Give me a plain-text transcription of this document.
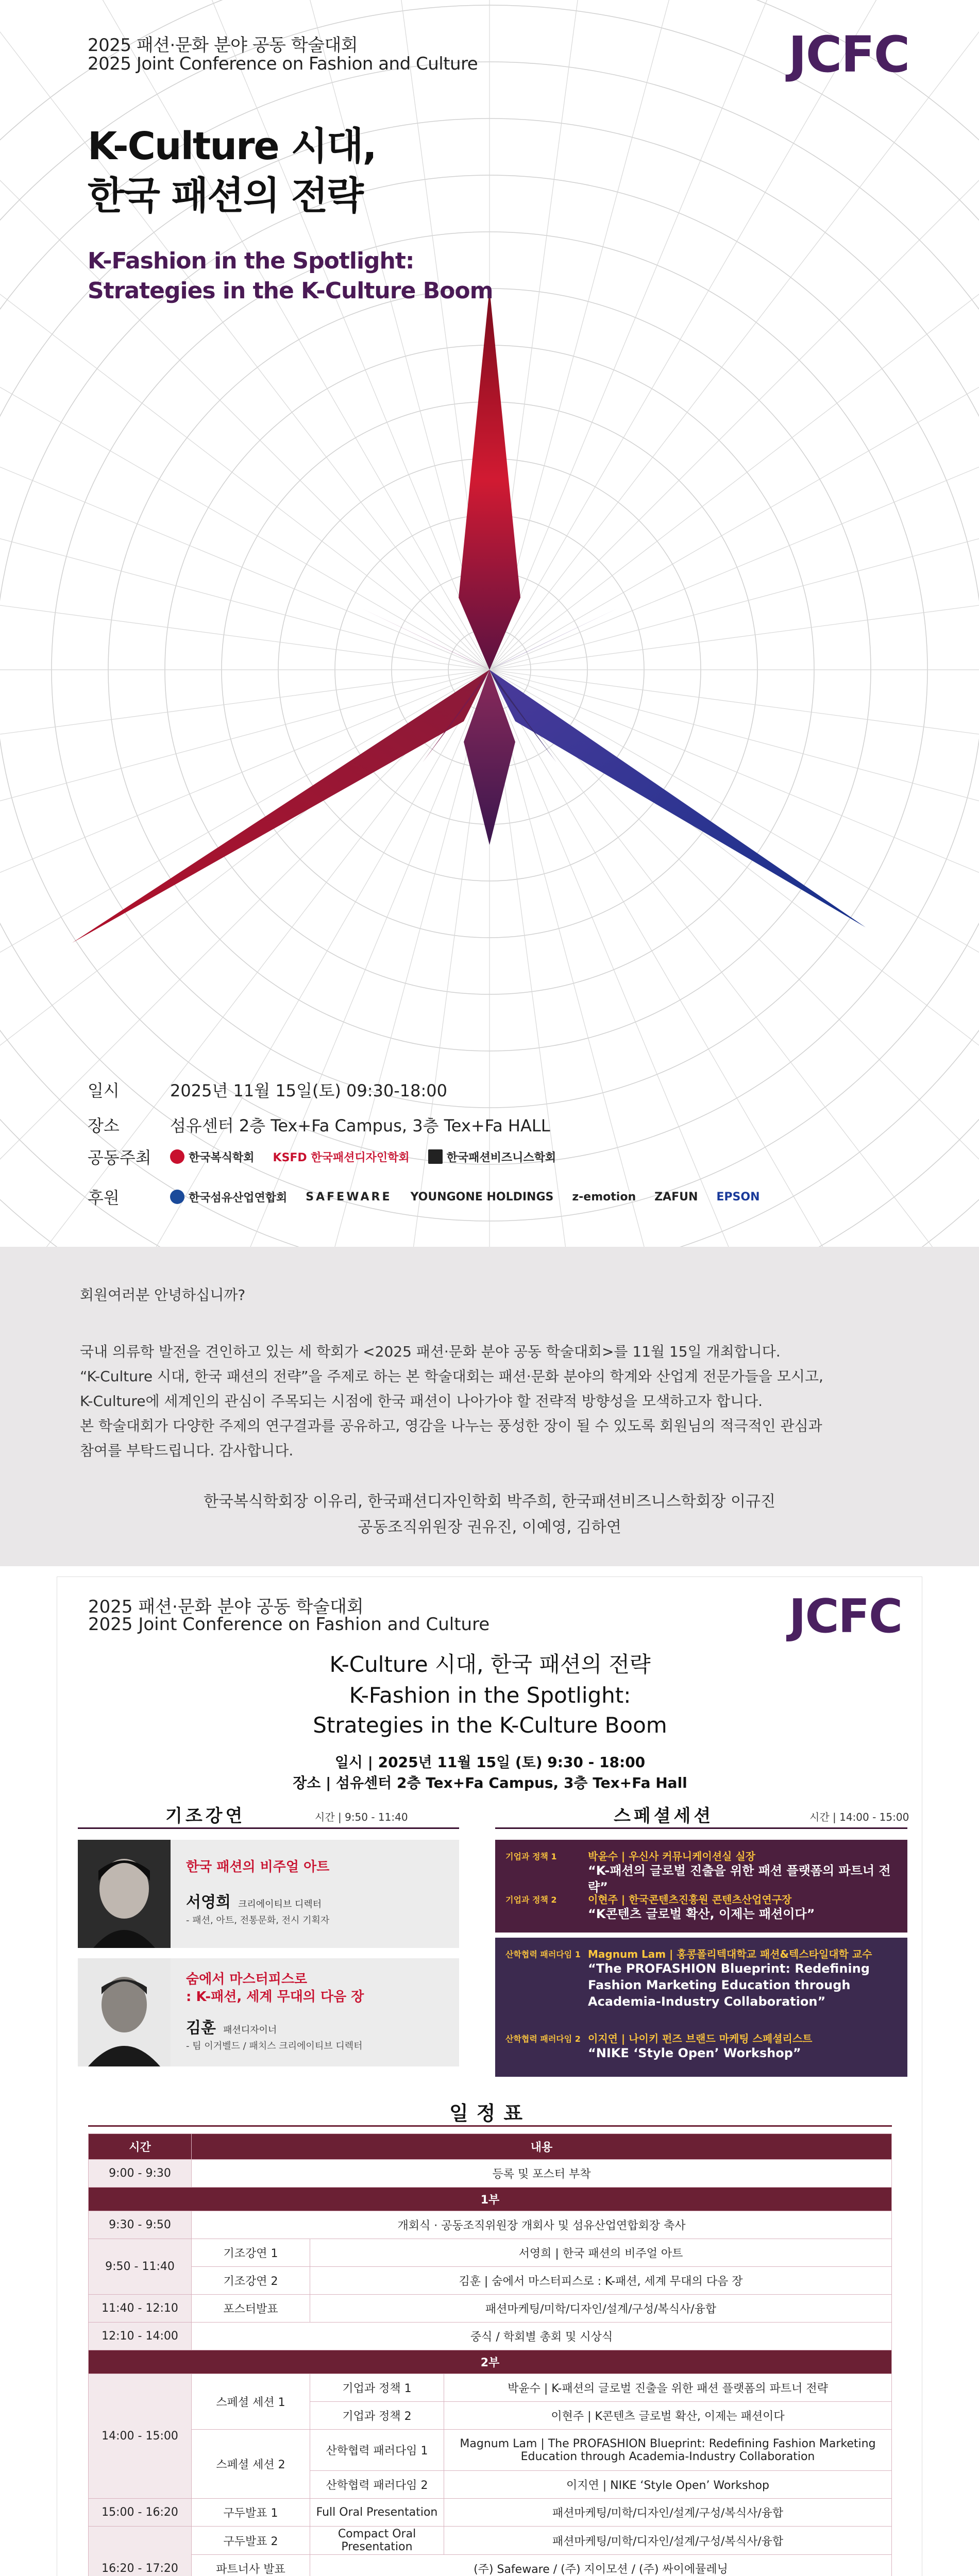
2025 패션·문화 분야 공동 학술대회
2025 Joint Conference on Fashion and Culture	JCFC
K-Culture 시대,
한국 패션의 전략
K-Fashion in the Spotlight:
Strategies in the K-Culture Boom
일시	2025년 11월 15일(토) 09:30-18:00
장소	섬유센터 2층 Tex+Fa Campus, 3층 Tex+Fa HALL
공동주최	한국복식학회 KSFD 한국패션디자인학회	한국패션비즈니스학회
후원	한국섬유산업연합회 SAFEWARE YOUNGONE HOLDINGS z-emotion ZAFUN EPSON

회원여러분 안녕하십니까?

국내 의류학 발전을 견인하고 있는 세 학회가 <2025 패션·문화 분야 공동 학술대회>를 11월 15일 개최합니다.

“K-Culture 시대, 한국 패션의 전략”을 주제로 하는 본 학술대회는 패션·문화 분야의 학계와 산업계 전문가들을 모시고,

K-Culture에 세계인의 관심이 주목되는 시점에 한국 패션이 나아가야 할 전략적 방향성을 모색하고자 합니다.

본 학술대회가 다양한 주제의 연구결과를 공유하고, 영감을 나누는 풍성한 장이 될 수 있도록 회원님의 적극적인 관심과

참여를 부탁드립니다. 감사합니다.

한국복식학회장 이유리, 한국패션디자인학회 박주희, 한국패션비즈니스학회장 이규진
공동조직위원장 권유진, 이예영, 김하연
2025 패션·문화 분야 공동 학술대회
2025 Joint Conference on Fashion and Culture	JCFC
K-Culture 시대, 한국 패션의 전략
K-Fashion in the Spotlight:
Strategies in the K-Culture Boom
일시 | 2025년 11월 15일 (토) 9:30 - 18:00
장소 | 섬유센터 2층 Tex+Fa Campus, 3층 Tex+Fa Hall
기조강연	시간 | 9:50 - 11:40	스페셜세션	시간 | 14:00 - 15:00
한국 패션의 비주얼 아트
서영희 크리에이티브 디렉터
- 패션, 아트, 전통문화, 전시 기획자
숨에서 마스터피스로
: K-패션, 세계 무대의 다음 장
김훈 패션디자이너
- 팀 이거벨드 / 패치스 크리에이티브 디렉터
기업과 정책 1	박윤수 | 우신사 커뮤니케이션실 실장
“K-패션의 글로벌 진출을 위한 패션 플랫폼의 파트너 전략”
기업과 정책 2	이현주 | 한국콘텐츠진흥원 콘텐츠산업연구장
“K콘텐츠 글로벌 확산, 이제는 패션이다”
산학협력 패러다임 1 Magnum Lam | 홍콩폴리텍대학교 패션&텍스타일대학 교수
“The PROFASHION Blueprint: Redefining Fashion Marketing Education through Academia-Industry Collaboration”
산학협력 패러다임 2 이지연 | 나이키 펀즈 브랜드 마케팅 스페셜리스트
“NIKE ‘Style Open’ Workshop”
일정표
시간	내용		
9:00 - 9:30	등록 및 포스터 부착		
1부			
9:30 - 9:50	개회식 · 공동조직위원장 개회사 및 섬유산업연합회장 축사		
9:50 - 11:40	기조강연 1	서영희 | 한국 패션의 비주얼 아트	
	기조강연 2	김훈 | 숨에서 마스터피스로 : K-패션, 세계 무대의 다음 장	
11:40 - 12:10	포스터발표	패션마케팅/미학/디자인/설계/구성/복식사/융합	
12:10 - 14:00	중식 / 학회별 총회 및 시상식		
2부			
14:00 - 15:00	스페셜 세션 1	기업과 정책 1	박윤수 | K-패션의 글로벌 진출을 위한 패션 플랫폼의 파트너 전략
		기업과 정책 2	이현주 | K콘텐츠 글로벌 확산, 이제는 패션이다
	스페셜 세션 2	산학협력 패러다임 1	Magnum Lam | The PROFASHION Blueprint: Redefining Fashion Marketing Education through Academia-Industry Collaboration
		산학협력 패러다임 2	이지연 | NIKE ‘Style Open’ Workshop
15:00 - 16:20	구두발표 1	Full Oral Presentation	패션마케팅/미학/디자인/설계/구성/복식사/융합
16:20 - 17:20	구두발표 2	Compact Oral Presentation	패션마케팅/미학/디자인/설계/구성/복식사/융합
	파트너사 발표	(주) Safeware / (주) 지이모션 / (주) 싸이에뮬레닝	
